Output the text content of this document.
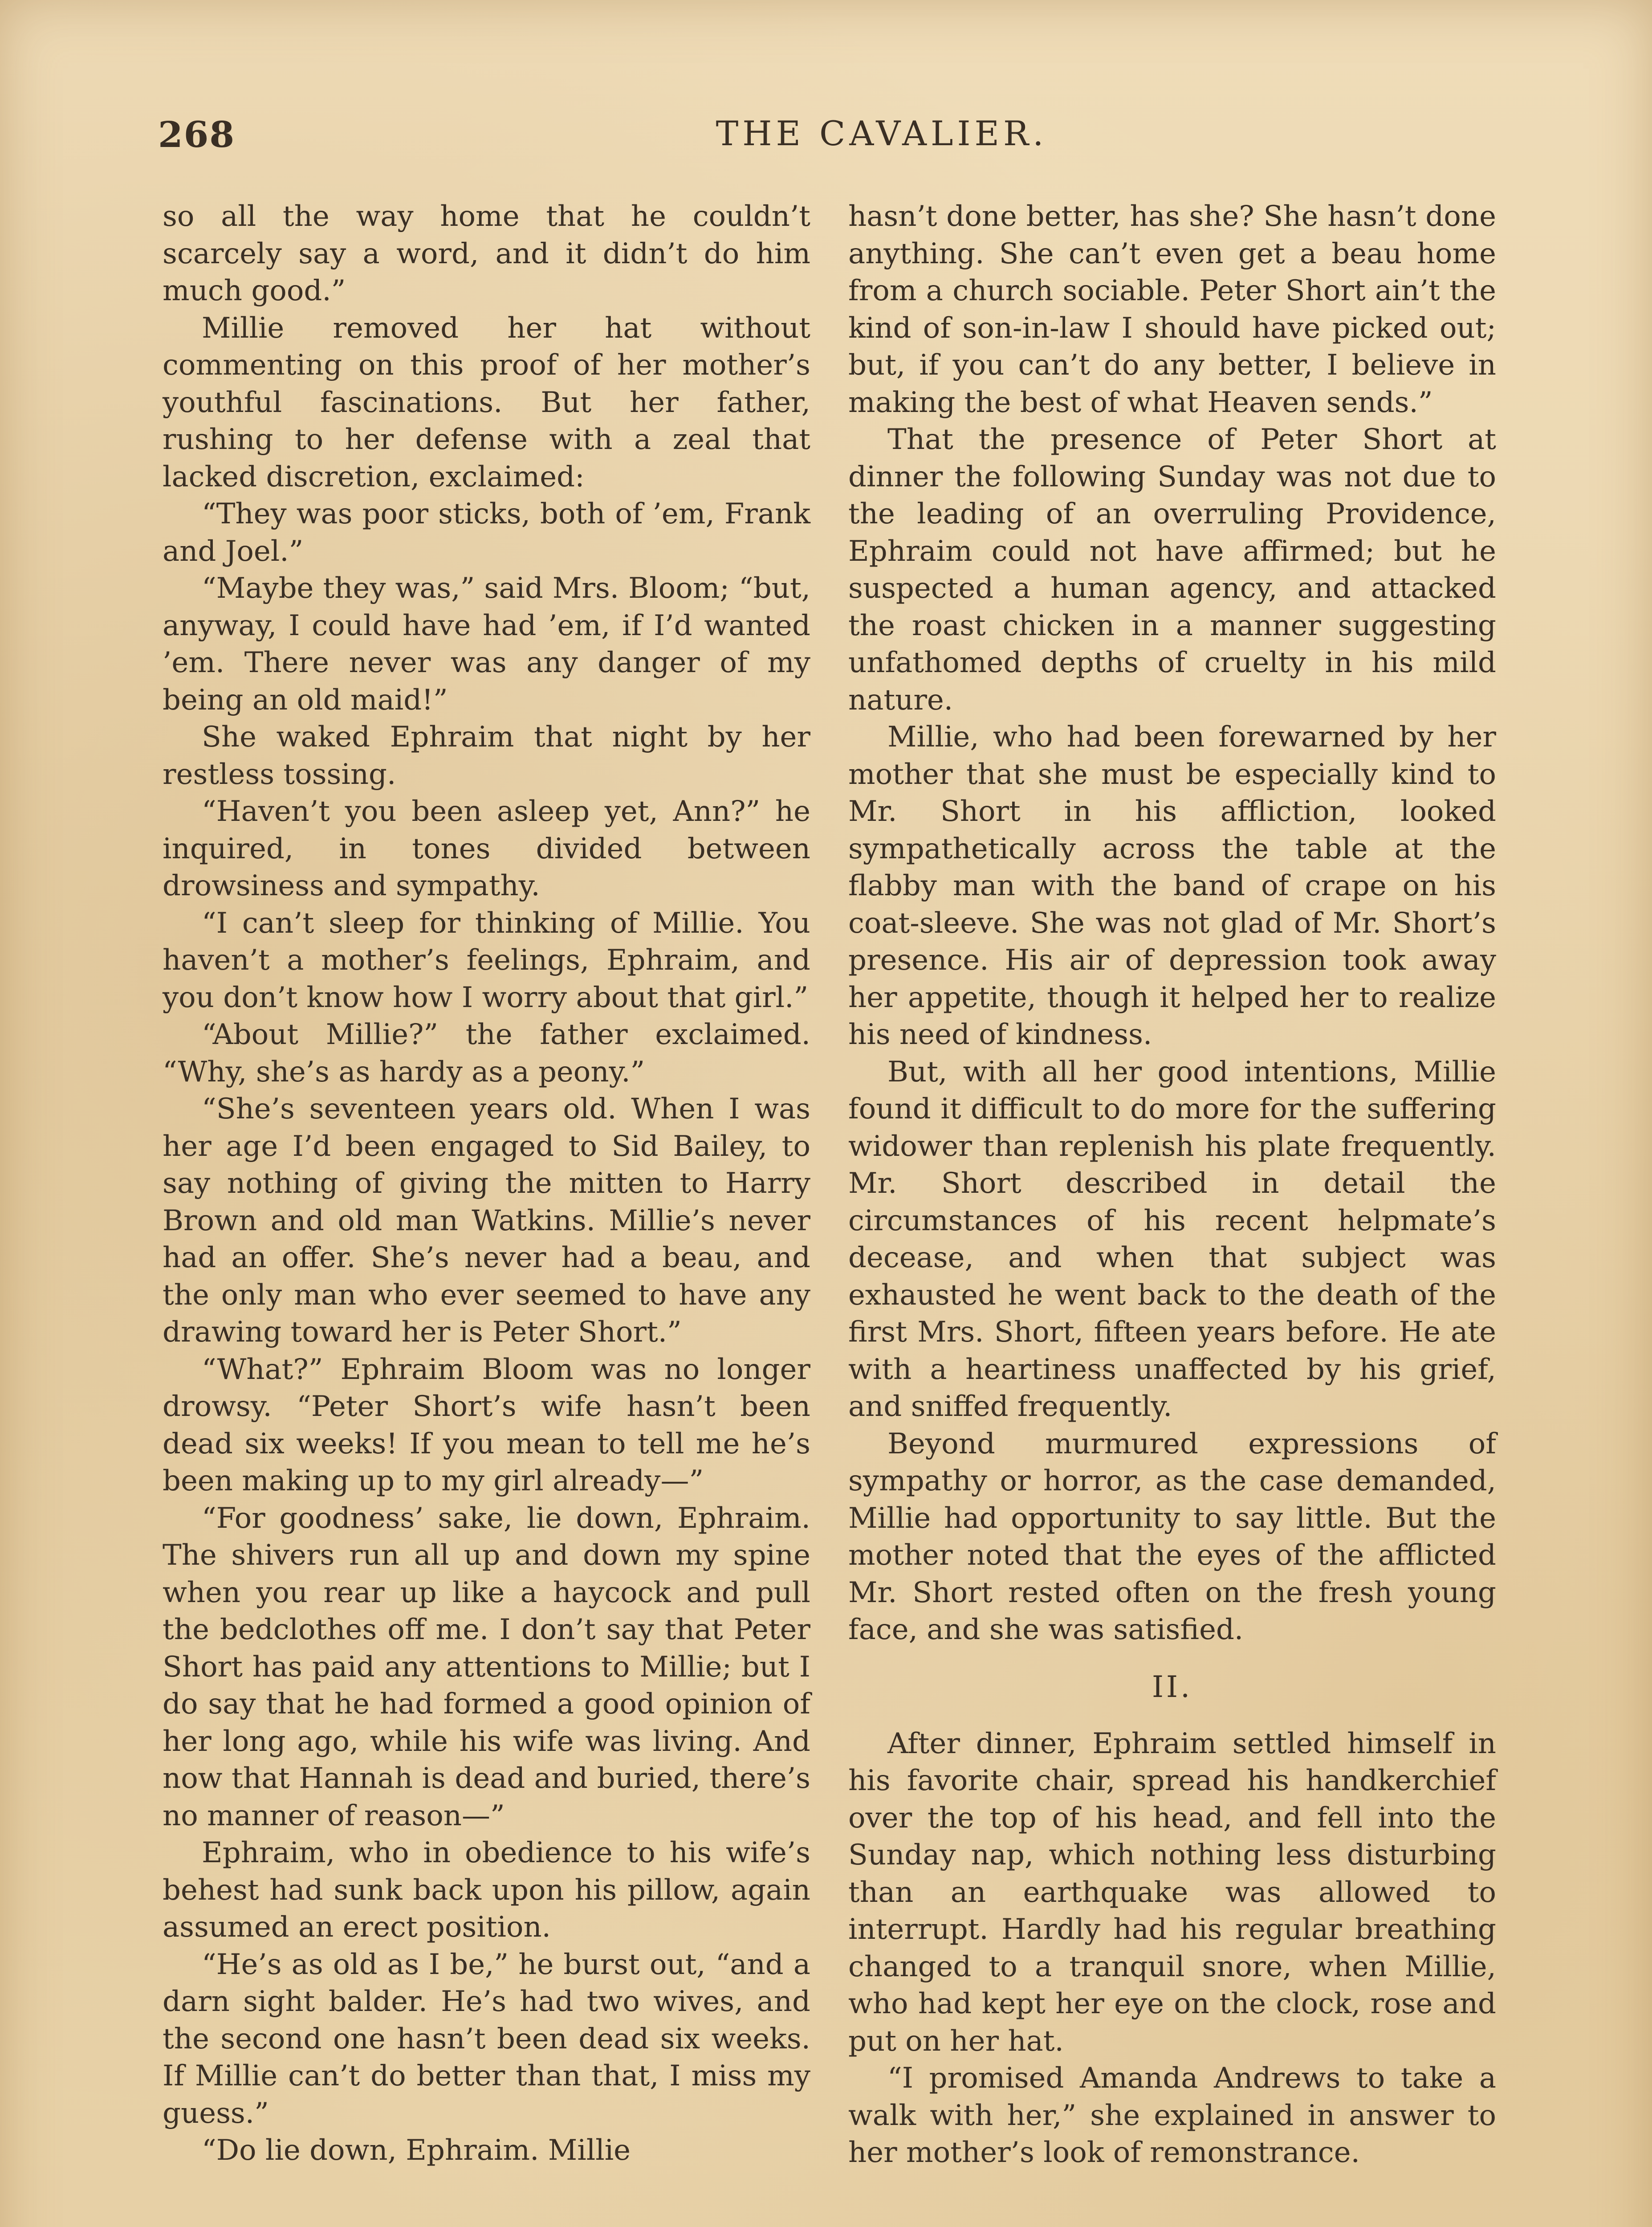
268	THE CAVALIER.

so all the way home that he couldn’t scarcely say a word, and it didn’t do him much good.”

Millie removed her hat without commenting on this proof of her mother’s youthful fascinations. But her father, rushing to her defense with a zeal that lacked discretion, exclaimed:

“They was poor sticks, both of ’em, Frank and Joel.”

“Maybe they was,” said Mrs. Bloom; “but, anyway, I could have had ’em, if I’d wanted ’em. There never was any danger of my being an old maid!”

She waked Ephraim that night by her restless tossing.

“Haven’t you been asleep yet, Ann?” he inquired, in tones divided between drowsiness and sympathy.

“I can’t sleep for thinking of Millie. You haven’t a mother’s feelings, Ephraim, and you don’t know how I worry about that girl.”

“About Millie?” the father exclaimed. “Why, she’s as hardy as a peony.”

“She’s seventeen years old. When I was her age I’d been engaged to Sid Bailey, to say nothing of giving the mitten to Harry Brown and old man Watkins. Millie’s never had an offer. She’s never had a beau, and the only man who ever seemed to have any drawing toward her is Peter Short.”

“What?” Ephraim Bloom was no longer drowsy. “Peter Short’s wife hasn’t been dead six weeks! If you mean to tell me he’s been making up to my girl already—”

“For goodness’ sake, lie down, Ephraim. The shivers run all up and down my spine when you rear up like a haycock and pull the bedclothes off me. I don’t say that Peter Short has paid any attentions to Millie; but I do say that he had formed a good opinion of her long ago, while his wife was living. And now that Hannah is dead and buried, there’s no manner of reason—”

Ephraim, who in obedience to his wife’s behest had sunk back upon his pillow, again assumed an erect position.

“He’s as old as I be,” he burst out, “and a darn sight balder. He’s had two wives, and the second one hasn’t been dead six weeks. If Millie can’t do better than that, I miss my guess.”

“Do lie down, Ephraim. Millie

hasn’t done better, has she? She hasn’t done anything. She can’t even get a beau home from a church sociable. Peter Short ain’t the kind of son-in-law I should have picked out; but, if you can’t do any better, I believe in making the best of what Heaven sends.”

That the presence of Peter Short at dinner the following Sunday was not due to the leading of an overruling Providence, Ephraim could not have affirmed; but he suspected a human agency, and attacked the roast chicken in a manner suggesting unfathomed depths of cruelty in his mild nature.

Millie, who had been forewarned by her mother that she must be especially kind to Mr. Short in his affliction, looked sympathetically across the table at the flabby man with the band of crape on his coat-sleeve. She was not glad of Mr. Short’s presence. His air of depression took away her appetite, though it helped her to realize his need of kindness.

But, with all her good intentions, Millie found it difficult to do more for the suffering widower than replenish his plate frequently. Mr. Short described in detail the circumstances of his recent helpmate’s decease, and when that subject was exhausted he went back to the death of the first Mrs. Short, fifteen years before. He ate with a heartiness unaffected by his grief, and sniffed frequently.

Beyond murmured expressions of sympathy or horror, as the case demanded, Millie had opportunity to say little. But the mother noted that the eyes of the afflicted Mr. Short rested often on the fresh young face, and she was satisfied.

II.

After dinner, Ephraim settled himself in his favorite chair, spread his handkerchief over the top of his head, and fell into the Sunday nap, which nothing less disturbing than an earthquake was allowed to interrupt. Hardly had his regular breathing changed to a tranquil snore, when Millie, who had kept her eye on the clock, rose and put on her hat.

“I promised Amanda Andrews to take a walk with her,” she explained in answer to her mother’s look of remonstrance.
